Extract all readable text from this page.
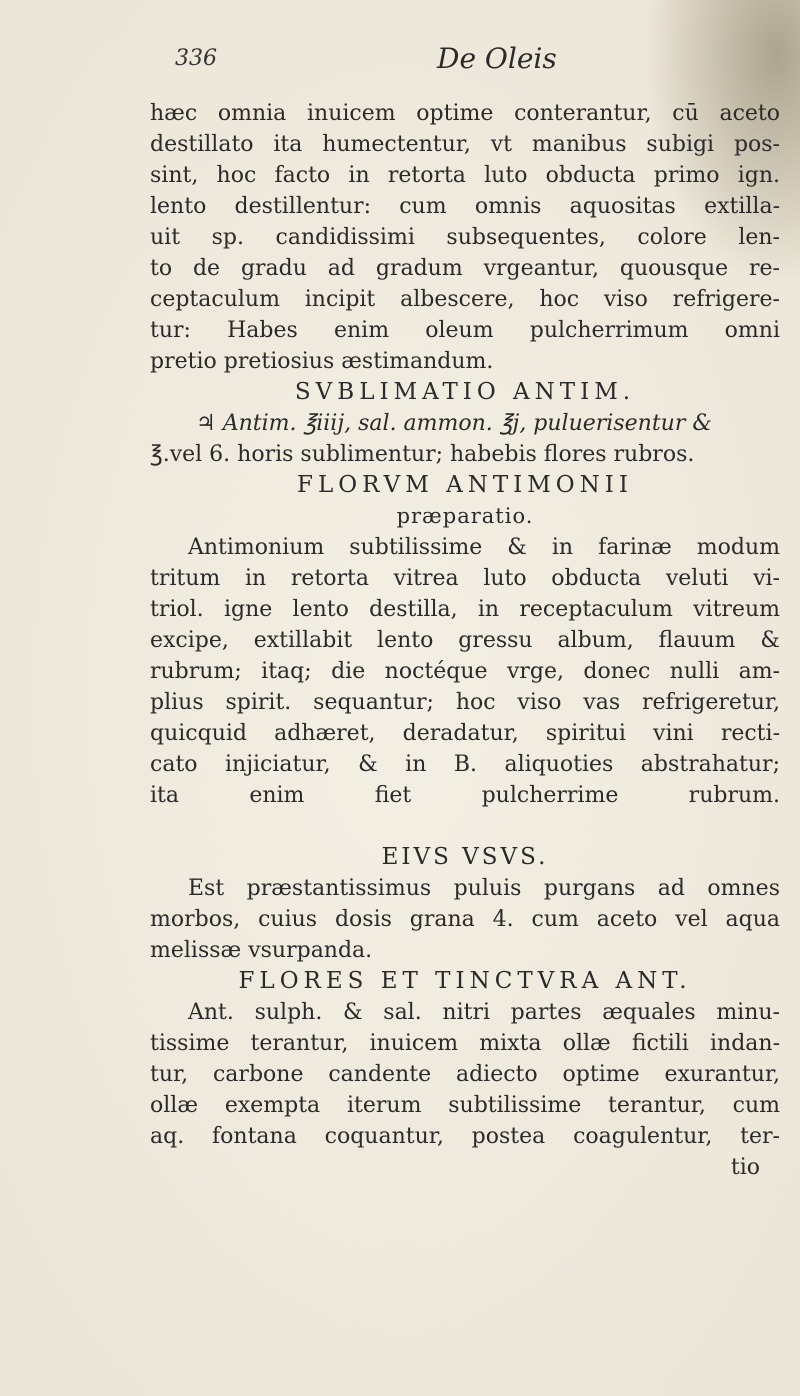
336	De Oleis
hæc omnia inuicem optime conterantur, cū aceto
destillato ita humectentur, vt manibus subigi pos-
sint, hoc facto in retorta luto obducta primo ign.
lento destillentur: cum omnis aquositas extilla-
uit sp. candidissimi subsequentes, colore len-
to de gradu ad gradum vrgeantur, quousque re-
ceptaculum incipit albescere, hoc viso refrigere-
tur: Habes enim oleum pulcherrimum omni
pretio pretiosius æstimandum.
SVBLIMATIO ANTIM.
♃ Antim. ℥iiij, sal. ammon. ℥j, puluerisentur &
℥.vel 6. horis sublimentur; habebis flores rubros.
FLORVM ANTIMONII
præparatio.
Antimonium subtilissime & in farinæ modum
tritum in retorta vitrea luto obducta veluti vi-
triol. igne lento destilla, in receptaculum vitreum
excipe, extillabit lento gressu album, flauum &
rubrum; itaq; die noctéque vrge, donec nulli am-
plius spirit. sequantur; hoc viso vas refrigeretur,
quicquid adhæret, deradatur, spiritui vini recti-
cato injiciatur, & in B. aliquoties abstrahatur;
ita enim fiet pulcherrime rubrum.
EIVS VSVS.
Est præstantissimus puluis purgans ad omnes
morbos, cuius dosis grana 4. cum aceto vel aqua
melissæ vsurpanda.
FLORES ET TINCTVRA ANT.
Ant. sulph. & sal. nitri partes æquales minu-
tissime terantur, inuicem mixta ollæ fictili indan-
tur, carbone candente adiecto optime exurantur,
ollæ exempta iterum subtilissime terantur, cum
aq. fontana coquantur, postea coagulentur, ter-
tio
